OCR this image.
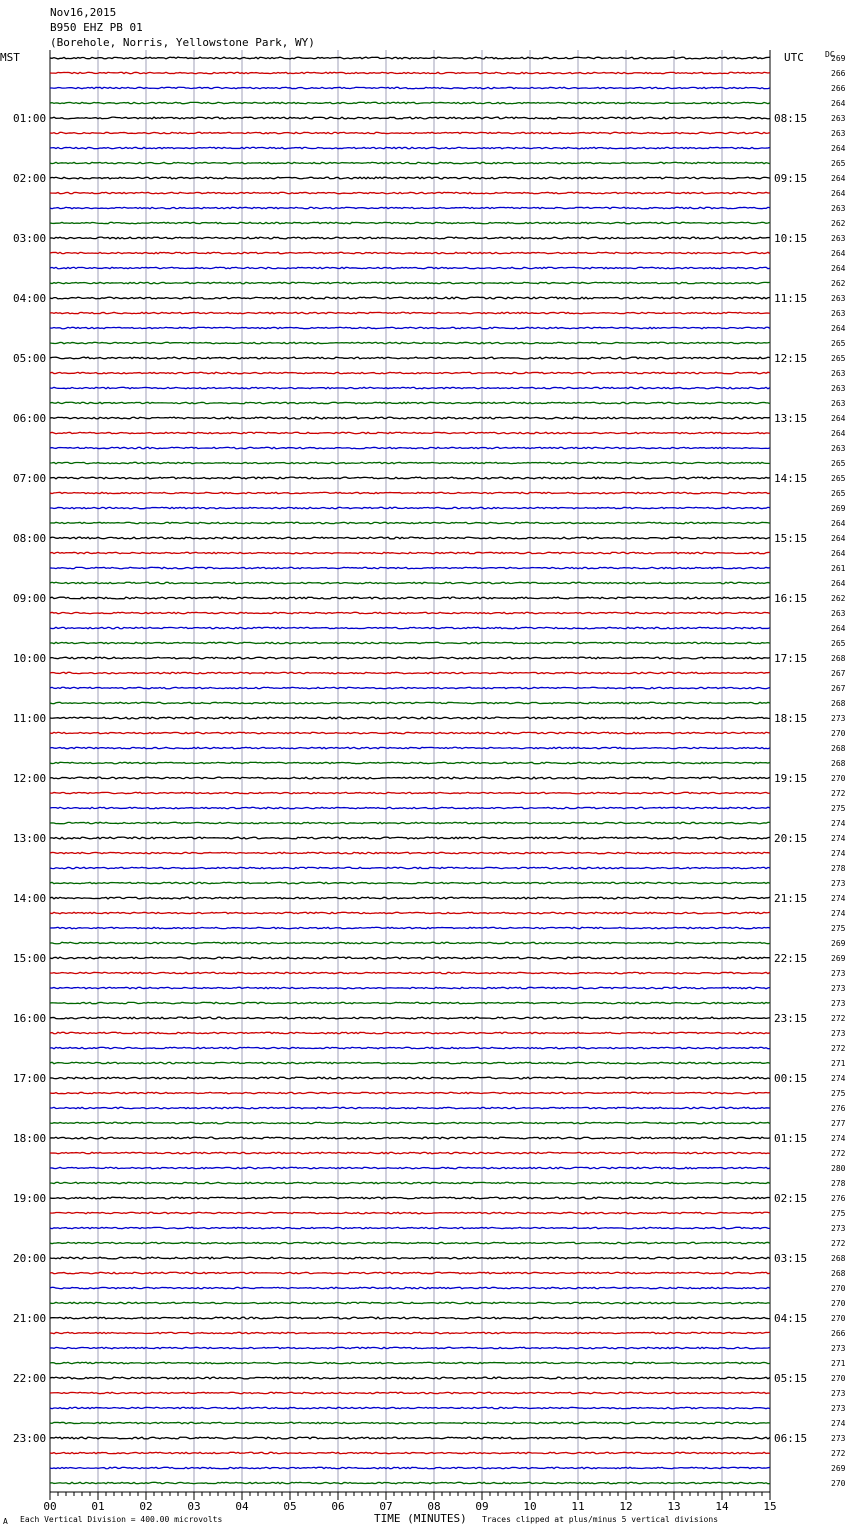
Nov16,2015
B950 EHZ PB 01
(Borehole, Norris, Yellowstone Park, WY)
MST	UTC	DC
269
266
266
264
263
263
264
265
01:00	08:15
264
264
263
262
02:00	09:15
263
264
264
262
03:00	10:15
263
263
264
265
04:00	11:15
265
263
263
263
05:00	12:15
264
264
263
265
06:00	13:15
265
265
269
264
07:00	14:15
264
264
261
264
08:00	15:15
262
263
264
265
09:00	16:15
268
267
267
268
10:00	17:15
273
270
268
268
11:00	18:15
270
272
275
274
12:00	19:15
274
274
278
273
13:00	20:15
274
274
275
269
14:00	21:15
269
273
273
273
15:00	22:15
272
273
272
271
16:00	23:15
274
275
276
277
17:00	00:15
274
272
280
278
18:00	01:15
276
275
273
272
19:00	02:15
268
268
270
270
20:00	03:15
270
266
273
271
21:00	04:15
270
273
273
274
22:00	05:15
273
272
269
270
23:00	06:15
00	01	02	03	04	05	06	07	08	09	10	11	12	13	14	15
TIME (MINUTES)
A Each Vertical Division = 400.00 microvolts	Traces clipped at plus/minus 5 vertical divisions
